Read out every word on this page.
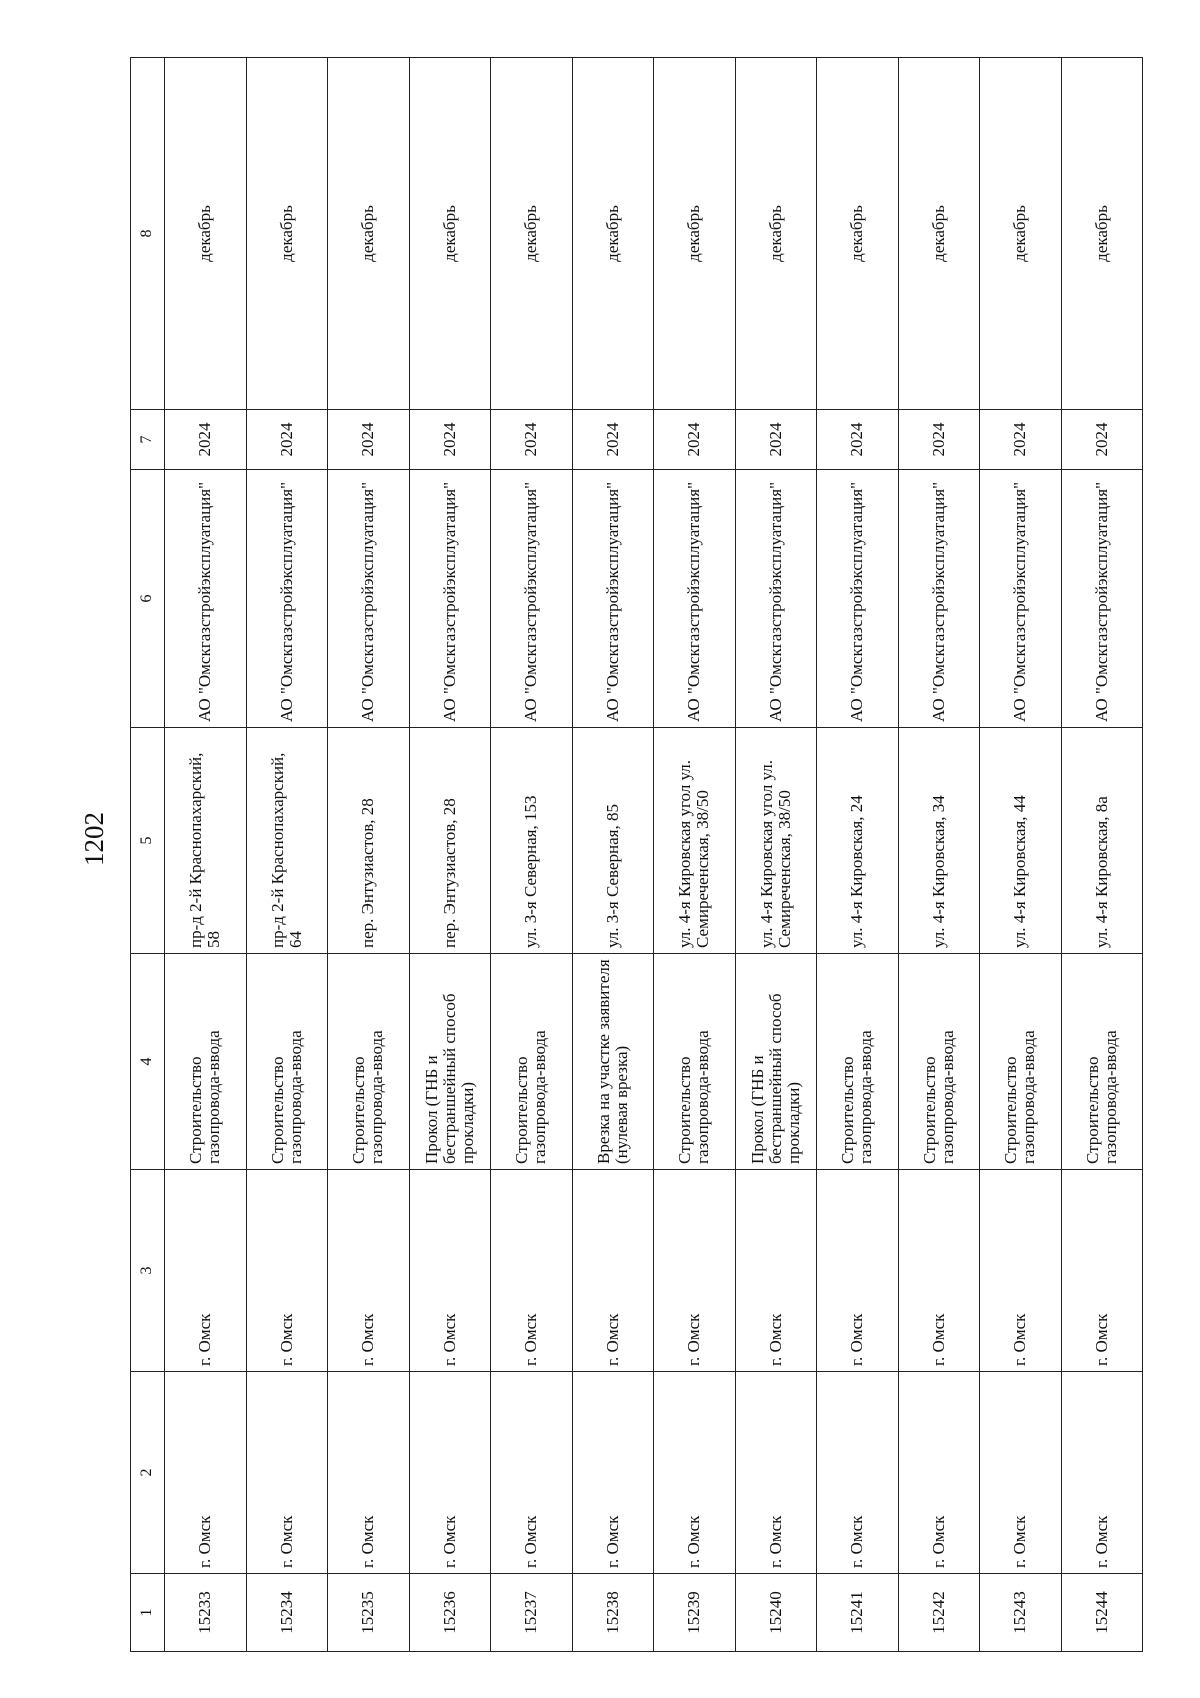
1202
1	2	3	4	5	6	7	8
15233	г. Омск	г. Омск	Строительство газопровода-ввода	пр-д 2-й Краснопахарский, 58	АО "Омскгазстройэксплуатация"	2024	декабрь
15234	г. Омск	г. Омск	Строительство газопровода-ввода	пр-д 2-й Краснопахарский, 64	АО "Омскгазстройэксплуатация"	2024	декабрь
15235	г. Омск	г. Омск	Строительство газопровода-ввода	пер. Энтузиастов, 28	АО "Омскгазстройэксплуатация"	2024	декабрь
15236	г. Омск	г. Омск	Прокол (ГНБ и бестраншейный способ прокладки)	пер. Энтузиастов, 28	АО "Омскгазстройэксплуатация"	2024	декабрь
15237	г. Омск	г. Омск	Строительство газопровода-ввода	ул. 3-я Северная, 153	АО "Омскгазстройэксплуатация"	2024	декабрь
15238	г. Омск	г. Омск	Врезка на участке заявителя (нулевая врезка)	ул. 3-я Северная, 85	АО "Омскгазстройэксплуатация"	2024	декабрь
15239	г. Омск	г. Омск	Строительство газопровода-ввода	ул. 4-я Кировская угол ул. Семиреченская, 38/50	АО "Омскгазстройэксплуатация"	2024	декабрь
15240	г. Омск	г. Омск	Прокол (ГНБ и бестраншейный способ прокладки)	ул. 4-я Кировская угол ул. Семиреченская, 38/50	АО "Омскгазстройэксплуатация"	2024	декабрь
15241	г. Омск	г. Омск	Строительство газопровода-ввода	ул. 4-я Кировская, 24	АО "Омскгазстройэксплуатация"	2024	декабрь
15242	г. Омск	г. Омск	Строительство газопровода-ввода	ул. 4-я Кировская, 34	АО "Омскгазстройэксплуатация"	2024	декабрь
15243	г. Омск	г. Омск	Строительство газопровода-ввода	ул. 4-я Кировская, 44	АО "Омскгазстройэксплуатация"	2024	декабрь
15244	г. Омск	г. Омск	Строительство газопровода-ввода	ул. 4-я Кировская, 8а	АО "Омскгазстройэксплуатация"	2024	декабрь
